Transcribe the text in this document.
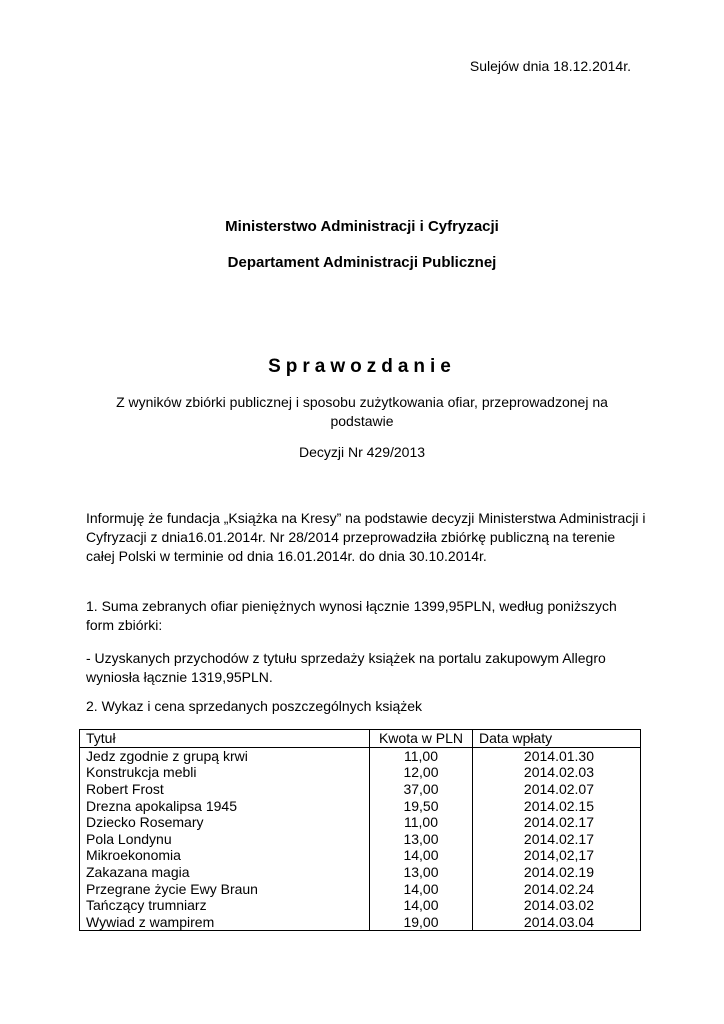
Sulejów dnia 18.12.2014r.
Ministerstwo Administracji i Cyfryzacji
Departament Administracji Publicznej
Sprawozdanie
Z wyników zbiórki publicznej i sposobu zużytkowania ofiar, przeprowadzonej na podstawie
Decyzji Nr 429/2013
Informuję że fundacja „Książka na Kresy” na podstawie decyzji Ministerstwa Administracji i Cyfryzacji z dnia16.01.2014r. Nr 28/2014 przeprowadziła zbiórkę publiczną na terenie całej Polski w terminie od dnia 16.01.2014r. do dnia 30.10.2014r.
1. Suma zebranych ofiar pieniężnych wynosi łącznie 1399,95PLN, według poniższych form zbiórki:
- Uzyskanych przychodów z tytułu sprzedaży książek na portalu zakupowym Allegro wyniosła łącznie 1319,95PLN.
2. Wykaz i cena sprzedanych poszczególnych książek
Tytuł	Kwota w PLN	Data wpłaty
Jedz zgodnie z grupą krwi	11,00	2014.01.30
Konstrukcja mebli	12,00	2014.02.03
Robert Frost	37,00	2014.02.07
Drezna apokalipsa 1945	19,50	2014.02.15
Dziecko Rosemary	11,00	2014.02.17
Pola Londynu	13,00	2014.02.17
Mikroekonomia	14,00	2014,02,17
Zakazana magia	13,00	2014.02.19
Przegrane życie Ewy Braun	14,00	2014.02.24
Tańczący trumniarz	14,00	2014.03.02
Wywiad z wampirem	19,00	2014.03.04
